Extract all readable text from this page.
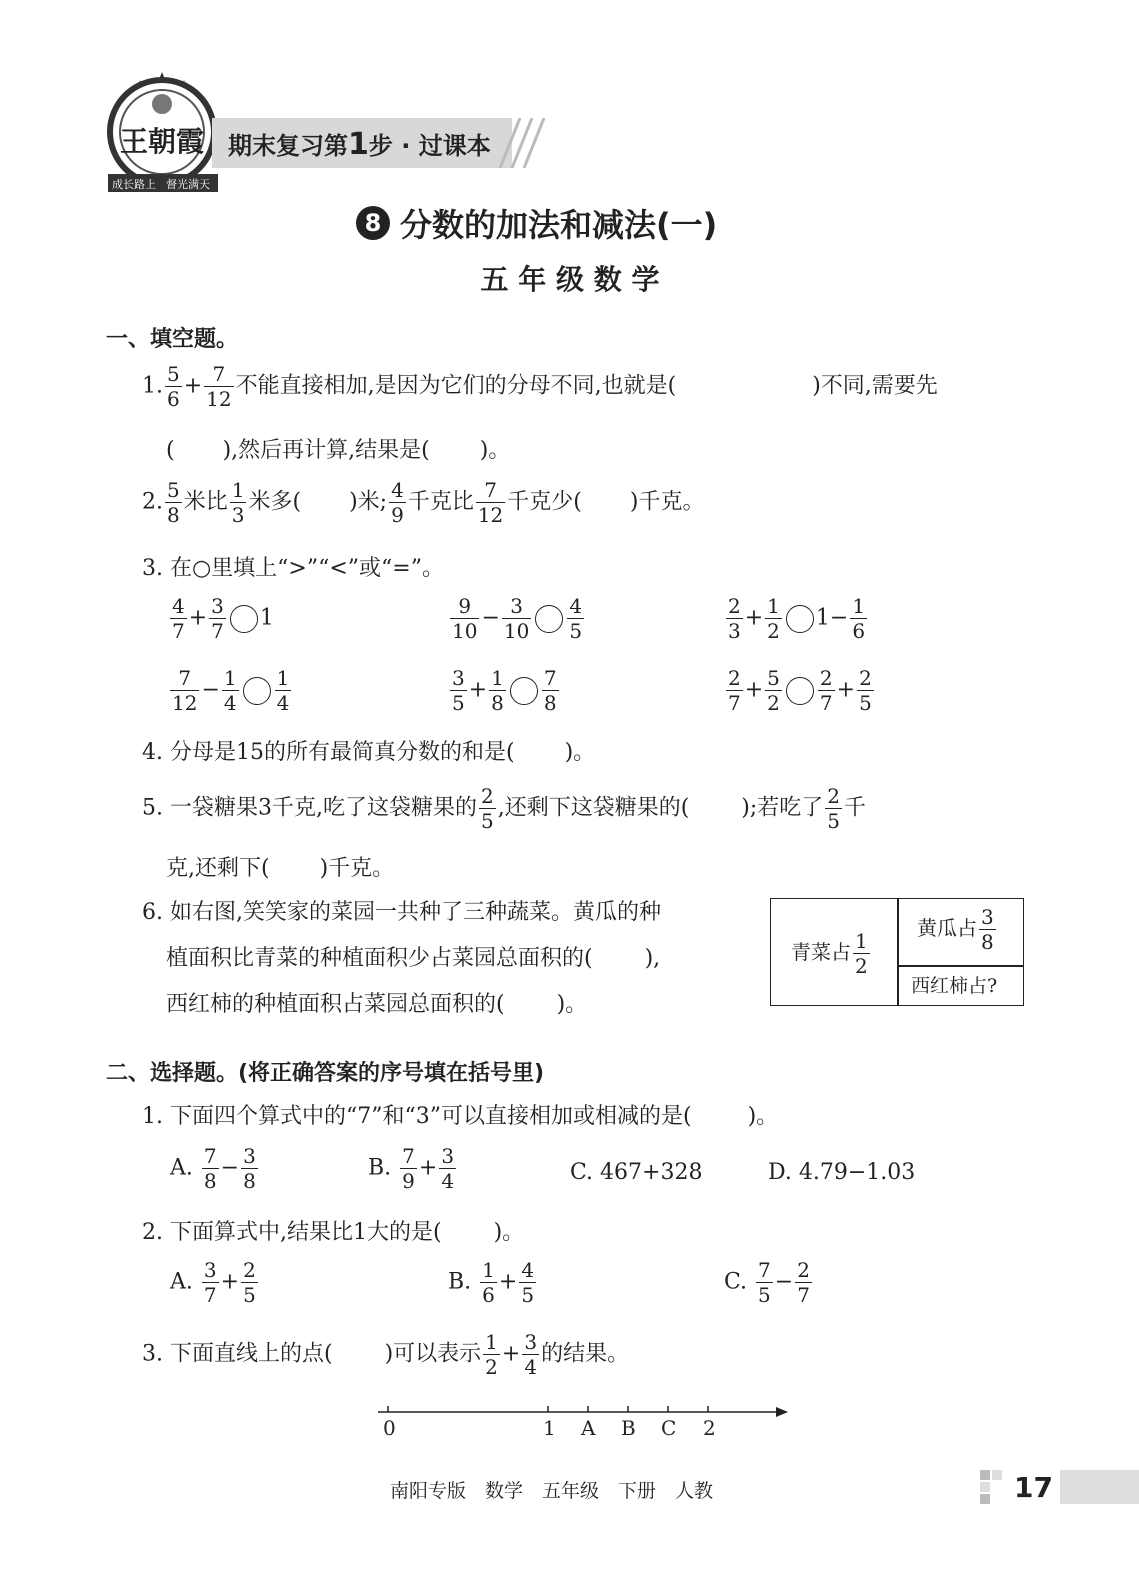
王朝霞
成长路上 督光满天
期末复习第1步 · 过课本
8 分数的加法和减法(一)
五 年 级 数 学
一、填空题。
1. $\frac{5}{6} + \frac{7}{12}$ 不能直接相加,是因为它们的分母不同,也就是(	)不同,需要先
( ),然后再计算,结果是( )。
2. $\frac{5}{8}$ 米比 $\frac{1}{3}$ 米多( )米; $\frac{4}{9}$ 千克比 $\frac{7}{12}$ 千克少( )千克。
3. 在○里填上“>”“<”或“=”。
$\frac{4}{7} + \frac{3}{7} 1$	$\frac{9}{10} - \frac{3}{10} \frac{4}{5}$	$\frac{2}{3} + \frac{1}{2} 1- \frac{1}{6}$
$\frac{7}{12} - \frac{1}{4} \frac{1}{4}$	$\frac{3}{5} + \frac{1}{8} \frac{7}{8}$	$\frac{2}{7} + \frac{5}{2} \frac{2}{7} + \frac{2}{5}$
4. 分母是15的所有最简真分数的和是( )。
5. 一袋糖果3千克,吃了这袋糖果的 $\frac{2}{5}$ ,还剩下这袋糖果的( );若吃了 $\frac{2}{5}$ 千
克,还剩下( )千克。
6. 如右图,笑笑家的菜园一共种了三种蔬菜。黄瓜的种
植面积比青菜的种植面积少占菜园总面积的( ),
西红柿的种植面积占菜园总面积的( )。
青菜占 $\frac{1}{2}$
黄瓜占 $\frac{3}{8}$
西红柿占?
二、选择题。(将正确答案的序号填在括号里)
1. 下面四个算式中的“7”和“3”可以直接相加或相减的是(	)。
A. $\frac{7}{8} - \frac{3}{8}$	B. $\frac{7}{9} + \frac{3}{4}$	C. 467+328	D. 4.79−1.03
2. 下面算式中,结果比1大的是( )。
A. $\frac{3}{7} + \frac{2}{5}$	B. $\frac{1}{6} + \frac{4}{5}$	C. $\frac{7}{5} - \frac{2}{7}$
3. 下面直线上的点( )可以表示 $\frac{1}{2} + \frac{3}{4}$ 的结果。
0	1 A B C 2
南阳专版　数学　五年级　下册　人教	17
